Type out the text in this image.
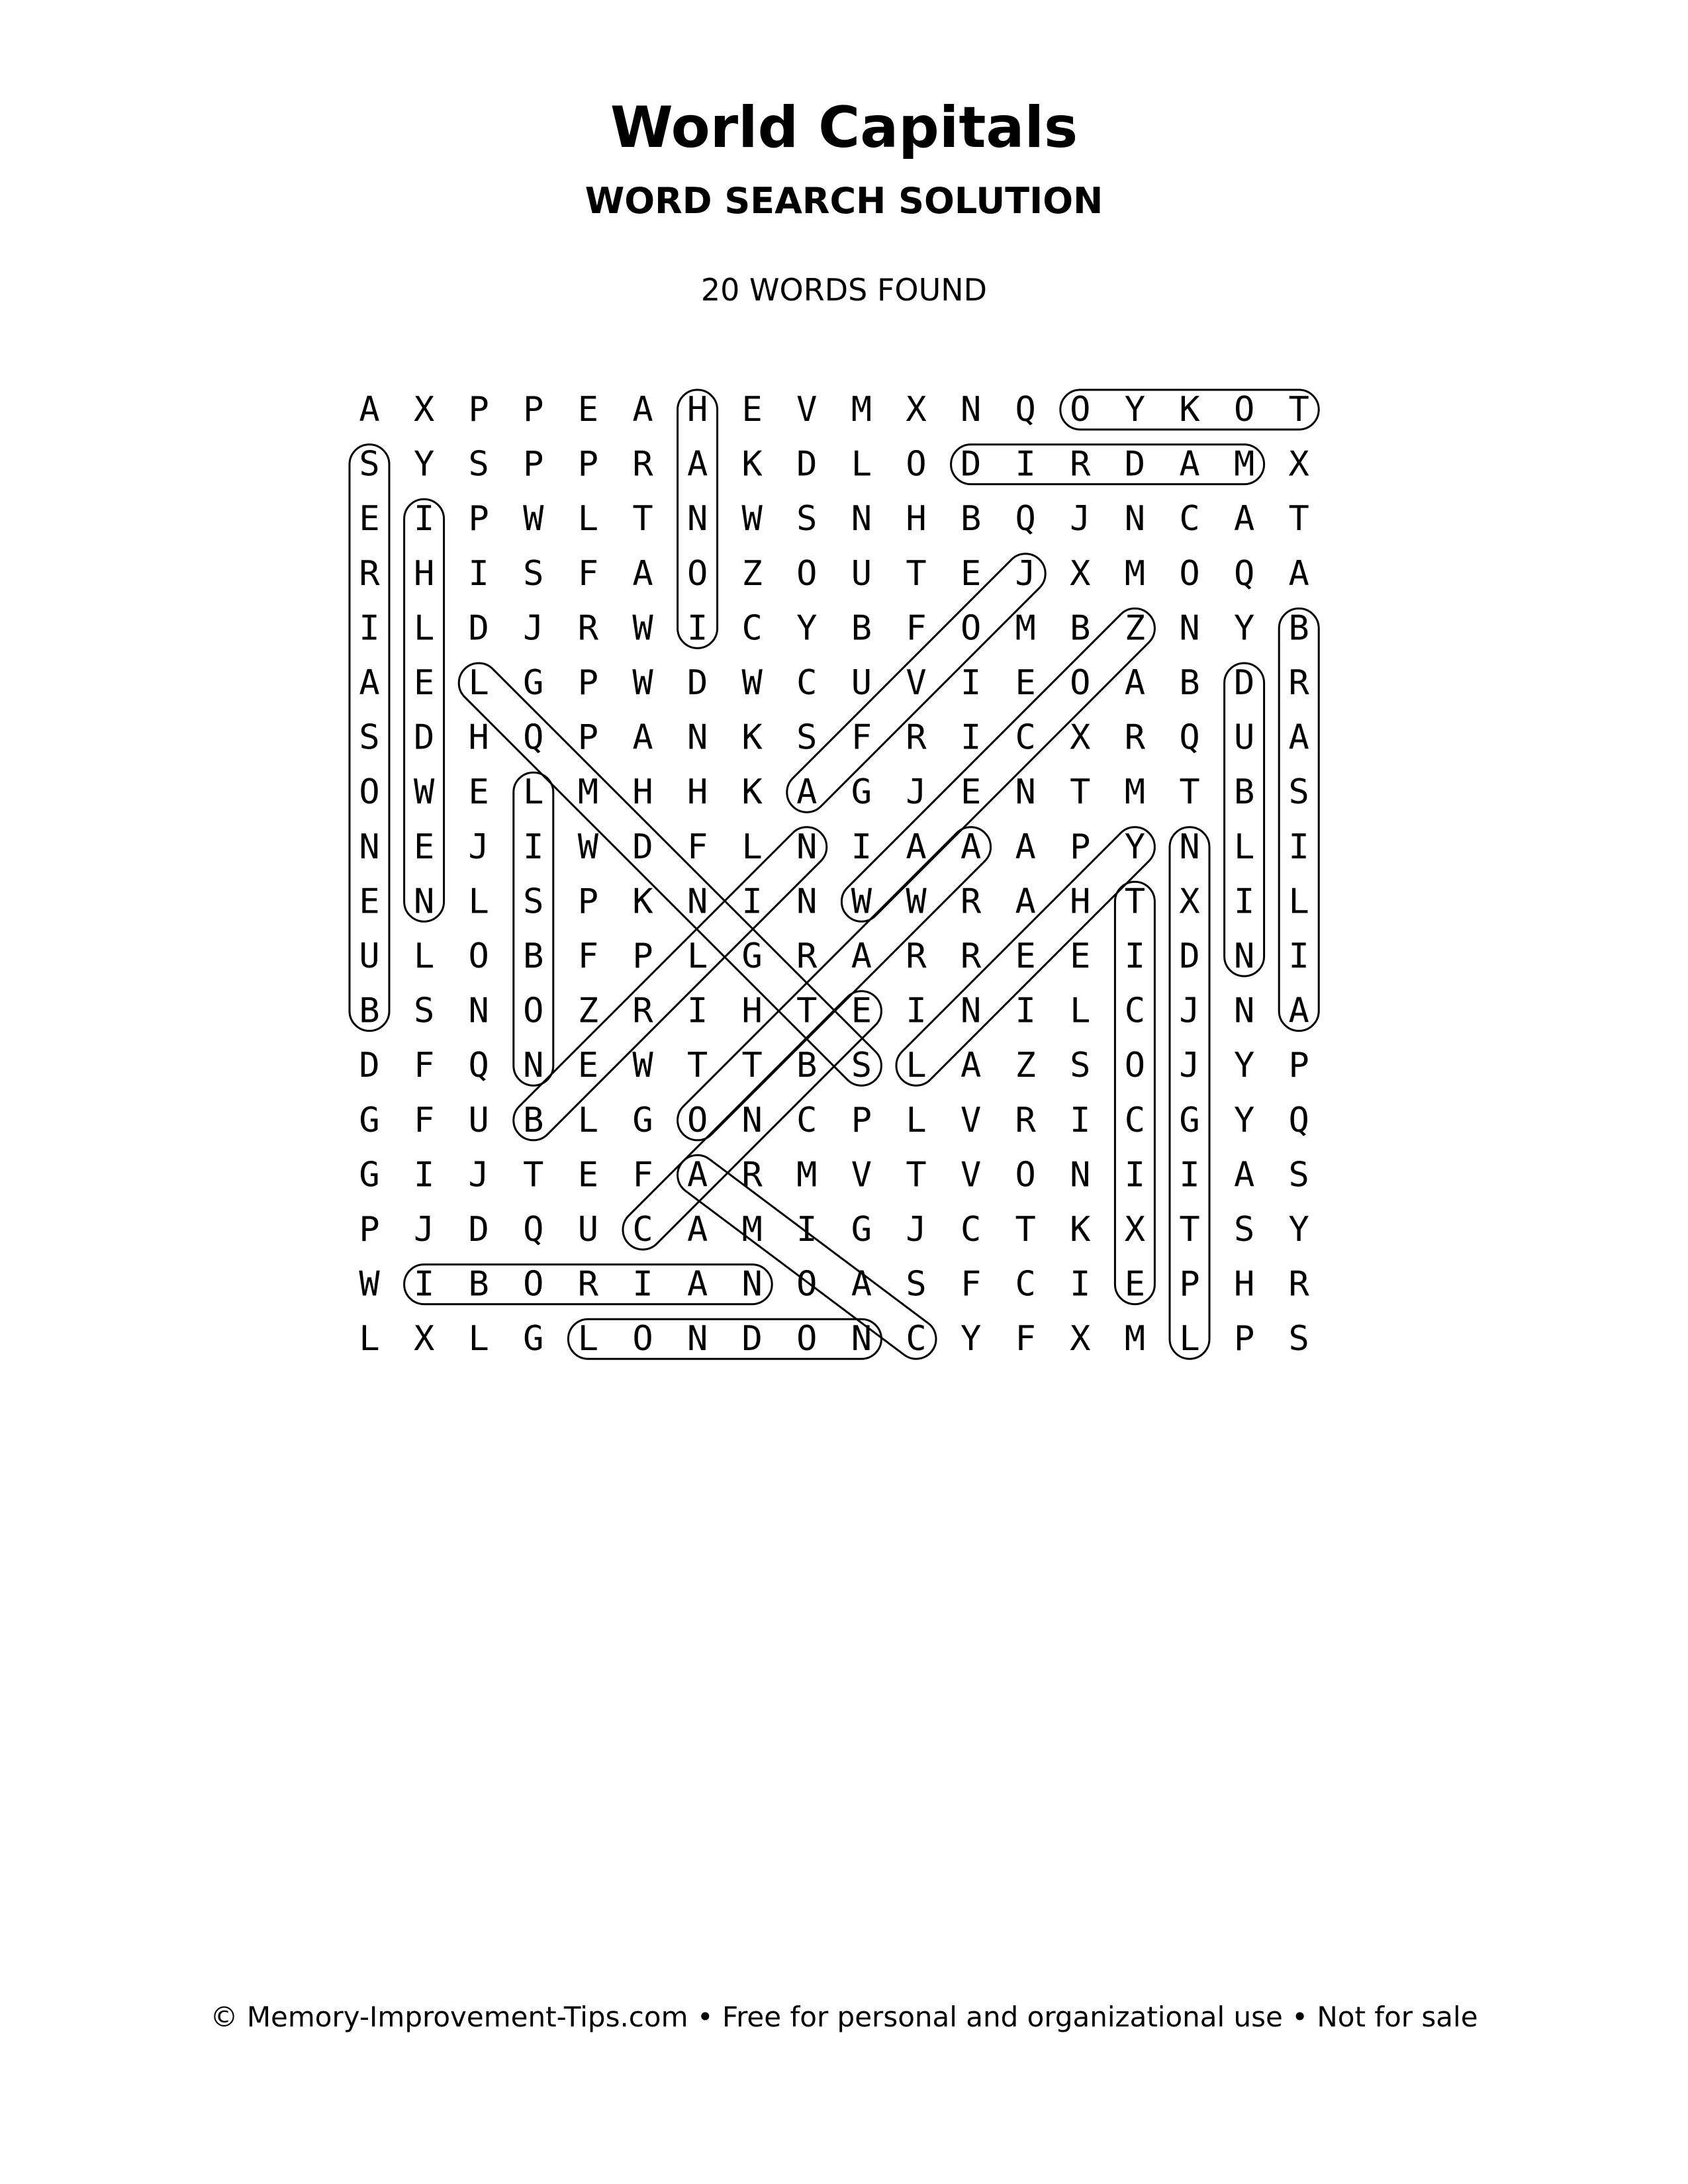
World Capitals
WORD SEARCH SOLUTION
20 WORDS FOUND
A X P P E A H E V M X N Q O Y K O T
S Y S P P R A K D L O D I R D A M X
E I P W L T N W S N H B Q J N C A T
R H I S F A O Z O U T E J X M O Q A
I L D J R W I C Y B F O M B Z N Y B
A E L G P W D W C U V I E O A B D R
S D H Q P A N K S F R I C X R Q U A
O W E L M H H K A G J E N T M T B S
N E J I W D F L N I A A A P Y N L I
E N L S P K N I N W W R A H T X I L
U L O B F P L G R A R R E E I D N I
B S N O Z R I H T E I N I L C J N A
D F Q N E W T T B S L A Z S O J Y P
G F U B L G O N C P L V R I C G Y Q
G I J T E F A R M V T V O N I I A S
P J D Q U C A M I G J C T K X T S Y
W I B O R I A N O A S F C I E P H R
L X L G L O N D O N C Y F X M L P S
© Memory-Improvement-Tips.com • Free for personal and organizational use • Not for sale
